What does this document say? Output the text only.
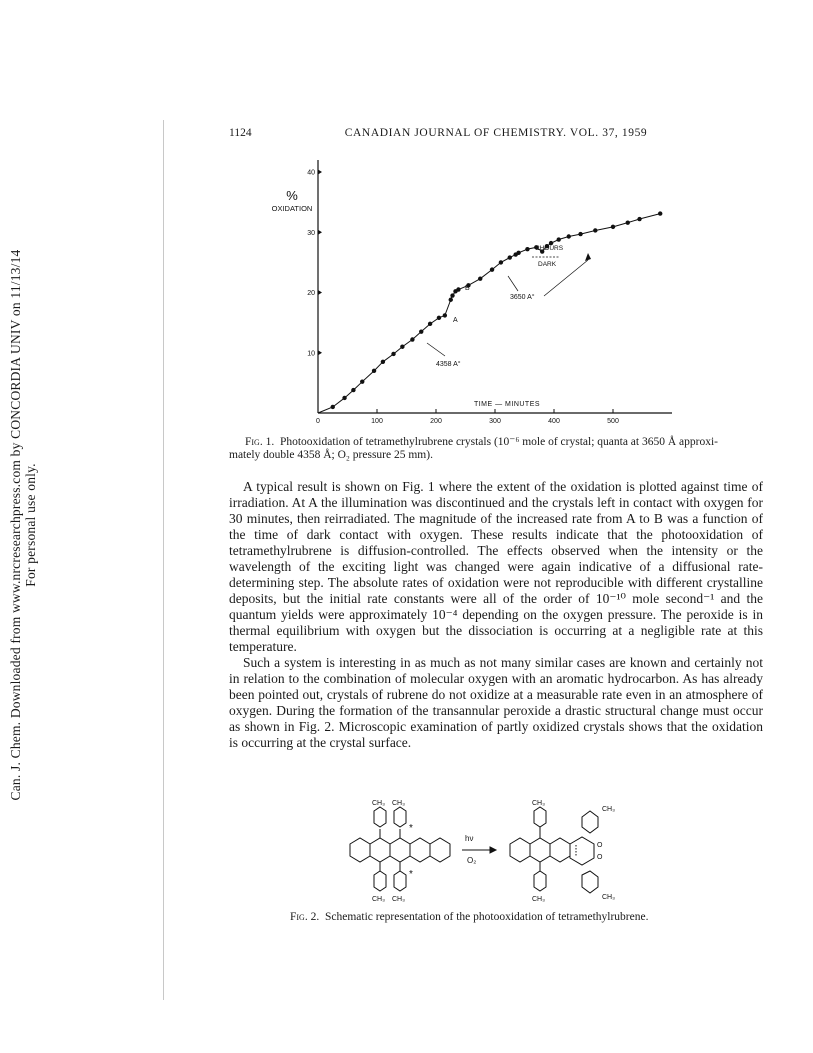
Can. J. Chem. Downloaded from www.nrcresearchpress.com by CONCORDIA UNIV on 11/13/14 For personal use only.
1124	CANADIAN JOURNAL OF CHEMISTRY. VOL. 37, 1959
0	100	200	300	400	500
10
20
30
40
%
OXIDATION
TIME — MINUTES
A
B
4358 A°
3650 A°
2HOURS
DARK
Fig. 1. Photooxidation of tetramethylrubrene crystals (10⁻⁶ mole of crystal; quanta at 3650 Å approxi-
mately double 4358 Å; O₂ pressure 25 mm).

A typical result is shown on Fig. 1 where the extent of the oxidation is plotted against time of irradiation. At A the illumination was discontinued and the crystals left in contact with oxygen for 30 minutes, then reirradiated. The magnitude of the increased rate from A to B was a function of the time of dark contact with oxygen. These results indicate that the photooxidation of tetramethylrubrene is diffusion-controlled. The effects observed when the intensity or the wavelength of the exciting light was changed were again indicative of a diffusional rate-determining step. The absolute rates of oxidation were not reproducible with different crystalline deposits, but the initial rate constants were all of the order of 10⁻¹⁰ mole second⁻¹ and the quantum yields were approximately 10⁻⁴ depending on the oxygen pressure. The peroxide is in thermal equilibrium with oxygen but the dissociation is occurring at a negligible rate at this temperature.

Such a system is interesting in as much as not many similar cases are known and certainly not in relation to the combination of molecular oxygen with an aromatic hydrocarbon. As has already been pointed out, crystals of rubrene do not oxidize at a measurable rate even in an atmosphere of oxygen. During the formation of the transannular peroxide a drastic structural change must occur as shown in Fig. 2. Microscopic examination of partly oxidized crystals shows that the oxidation is occurring at the crystal surface.

CH₃ CH₃
CH₃ CH₃
*
*
hν
O₂
CH₃
CH₃
CH₃	CH₃
O
O
Fig. 2. Schematic representation of the photooxidation of tetramethylrubrene.
